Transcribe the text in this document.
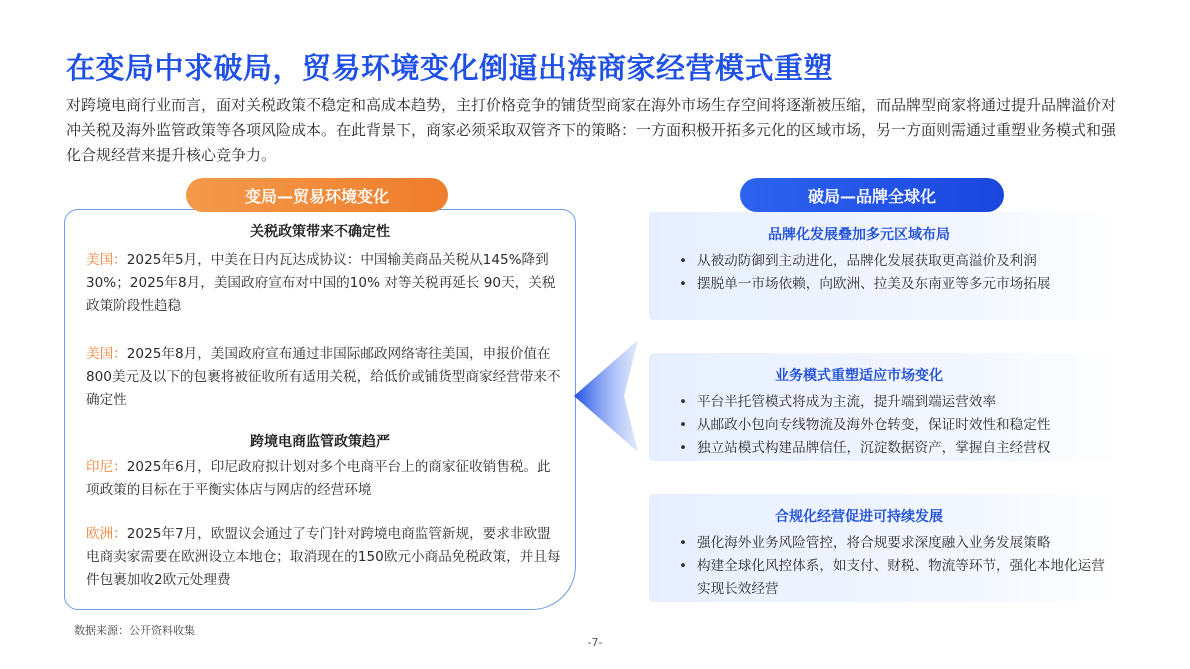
在变局中求破局，贸易环境变化倒逼出海商家经营模式重塑
对跨境电商行业而言，面对关税政策不稳定和高成本趋势，主打价格竞争的铺货型商家在海外市场生存空间将逐渐被压缩，而品牌型商家将通过提升品牌溢价对冲关税及海外监管政策等各项风险成本。在此背景下，商家必须采取双管齐下的策略：一方面积极开拓多元化的区域市场，另一方面则需通过重塑业务模式和强化合规经营来提升核心竞争力。
变局—贸易环境变化	破局—品牌全球化
关税政策带来不确定性
美国：2025年5月，中美在日内瓦达成协议：中国输美商品关税从145%降到30%；2025年8月，美国政府宣布对中国的10% 对等关税再延长 90天，关税政策阶段性趋稳
美国：2025年8月，美国政府宣布通过非国际邮政网络寄往美国，申报价值在800美元及以下的包裹将被征收所有适用关税，给低价或铺货型商家经营带来不确定性
跨境电商监管政策趋严
印尼：2025年6月，印尼政府拟计划对多个电商平台上的商家征收销售税。此项政策的目标在于平衡实体店与网店的经营环境
欧洲：2025年7月，欧盟议会通过了专门针对跨境电商监管新规，要求非欧盟电商卖家需要在欧洲设立本地仓；取消现在的150欧元小商品免税政策，并且每件包裹加收2欧元处理费
品牌化发展叠加多元区域布局
• 从被动防御到主动进化，品牌化发展获取更高溢价及利润
• 摆脱单一市场依赖，向欧洲、拉美及东南亚等多元市场拓展
业务模式重塑适应市场变化
• 平台半托管模式将成为主流，提升端到端运营效率
• 从邮政小包向专线物流及海外仓转变，保证时效性和稳定性
• 独立站模式构建品牌信任，沉淀数据资产，掌握自主经营权
合规化经营促进可持续发展
• 强化海外业务风险管控，将合规要求深度融入业务发展策略
• 构建全球化风控体系，如支付、财税、物流等环节，强化本地化运营实现长效经营
数据来源：公开资料收集
-7-
